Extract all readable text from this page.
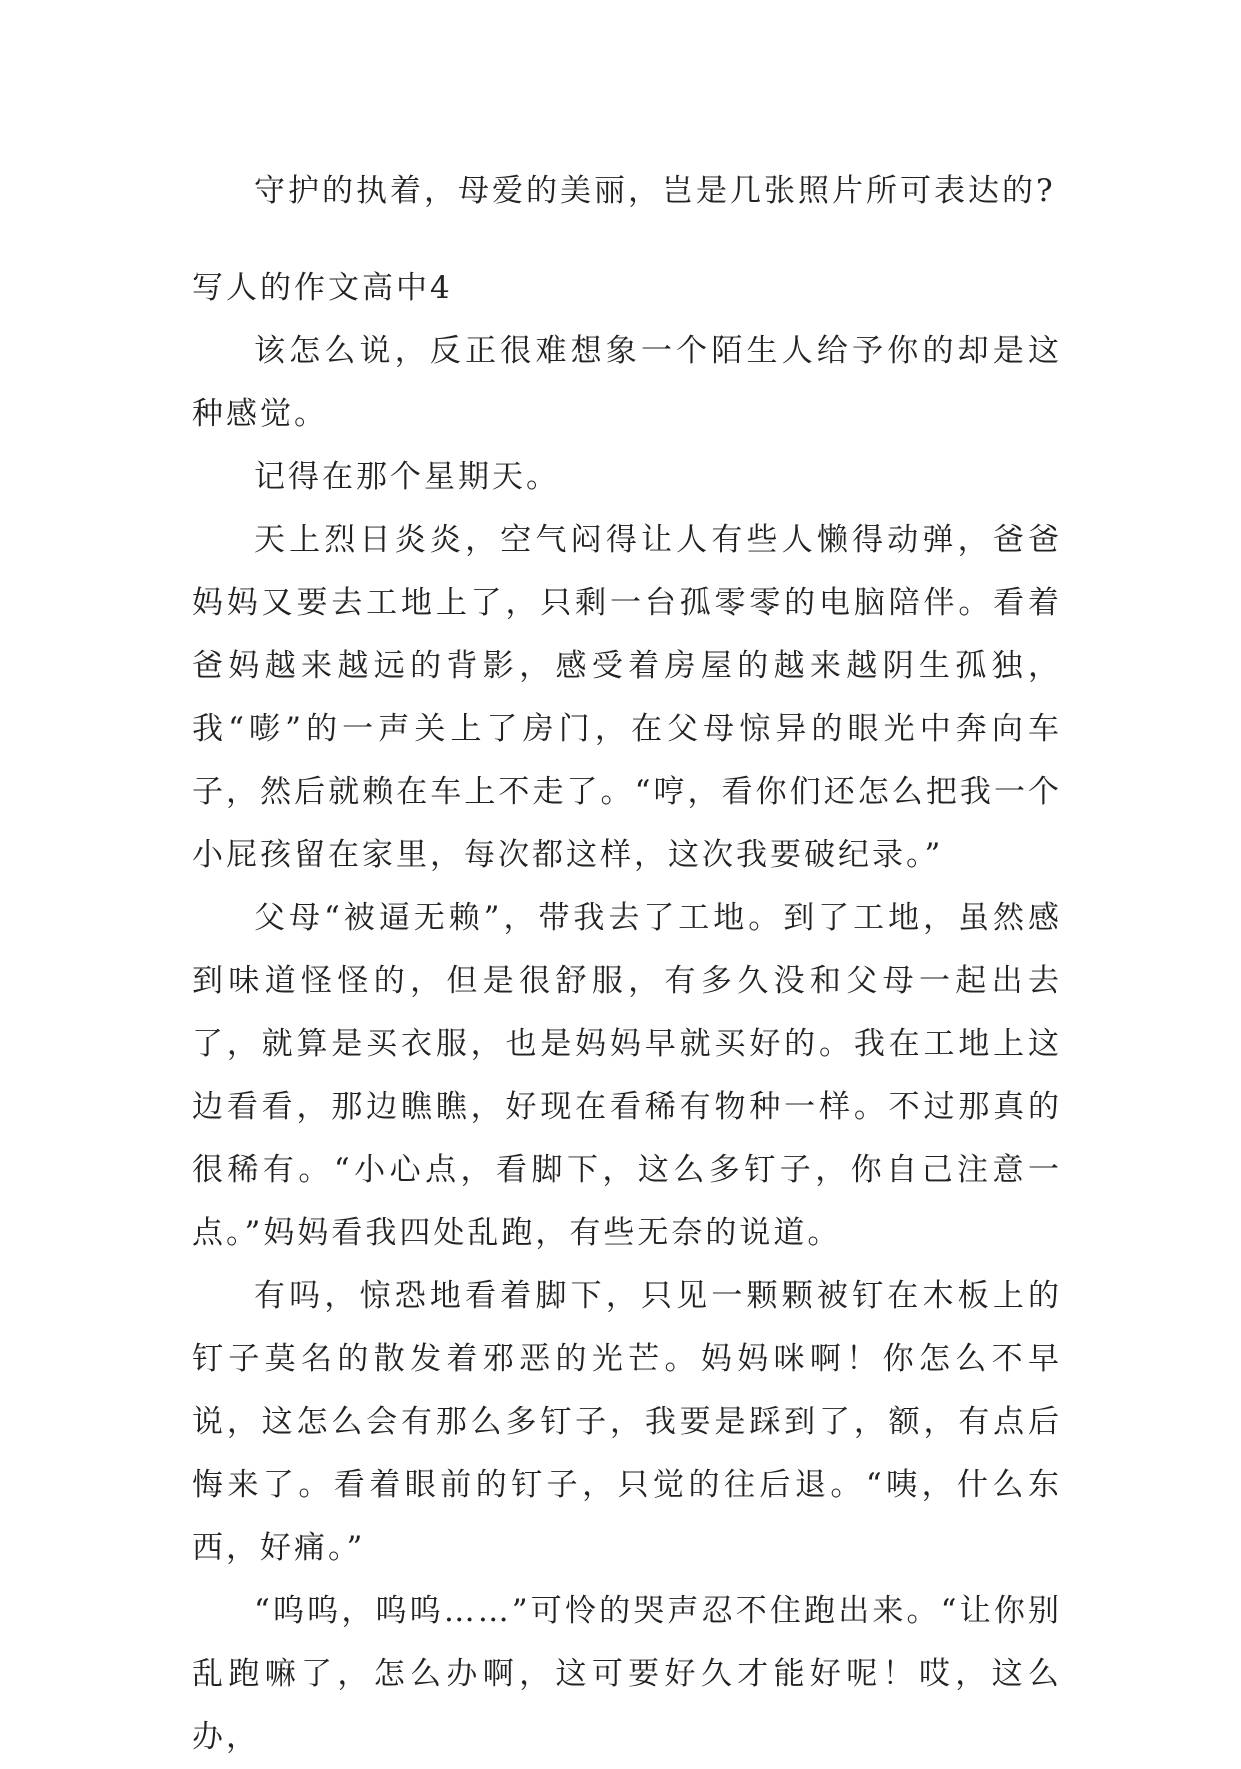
守护的执着，母爱的美丽，岂是几张照片所可表达的?

写人的作文高中4

该怎么说，反正很难想象一个陌生人给予你的却是这种感觉。

记得在那个星期天。

天上烈日炎炎，空气闷得让人有些人懒得动弹，爸爸妈妈又要去工地上了，只剩一台孤零零的电脑陪伴。看着爸妈越来越远的背影，感受着房屋的越来越阴生孤独，我“嘭”的一声关上了房门，在父母惊异的眼光中奔向车子，然后就赖在车上不走了。“哼，看你们还怎么把我一个小屁孩留在家里，每次都这样，这次我要破纪录。”

父母“被逼无赖”，带我去了工地。到了工地，虽然感到味道怪怪的，但是很舒服，有多久没和父母一起出去了，就算是买衣服，也是妈妈早就买好的。我在工地上这边看看，那边瞧瞧，好现在看稀有物种一样。不过那真的很稀有。“小心点，看脚下，这么多钉子，你自己注意一点。”妈妈看我四处乱跑，有些无奈的说道。

有吗，惊恐地看着脚下，只见一颗颗被钉在木板上的钉子莫名的散发着邪恶的光芒。妈妈咪啊！你怎么不早说，这怎么会有那么多钉子，我要是踩到了，额，有点后悔来了。看着眼前的钉子，只觉的往后退。“咦，什么东西，好痛。”

“呜呜，呜呜……”可怜的哭声忍不住跑出来。“让你别乱跑嘛了，怎么办啊，这可要好久才能好呢！哎，这么办，
